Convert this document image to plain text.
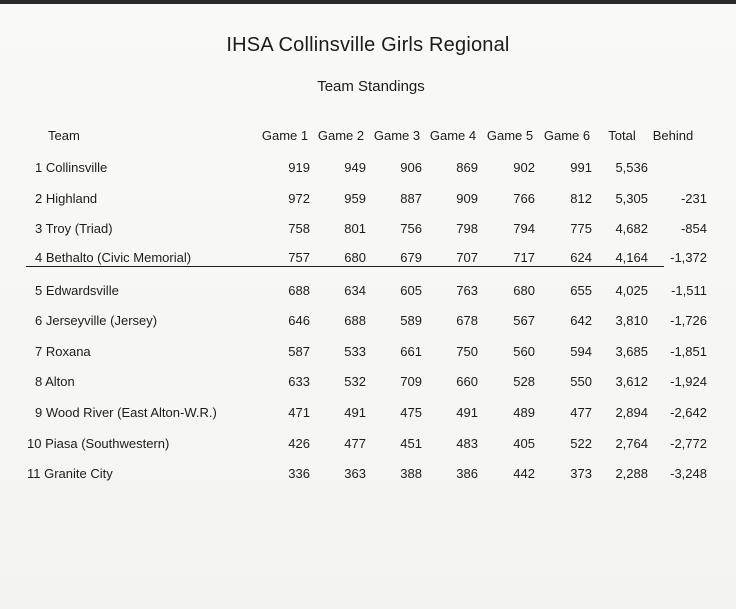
IHSA Collinsville Girls Regional
Team Standings
Team	Game 1 Game 2 Game 3 Game 4 Game 5 Game 6	Total	Behind
1 Collinsville	919	949	906	869	902	991	5,536
2 Highland	972	959	887	909	766	812	5,305	-231
3 Troy (Triad)	758	801	756	798	794	775	4,682	-854
4 Bethalto (Civic Memorial)	757	680	679	707	717	624	4,164	-1,372
5 Edwardsville	688	634	605	763	680	655	4,025	-1,511
6 Jerseyville (Jersey)	646	688	589	678	567	642	3,810	-1,726
7 Roxana	587	533	661	750	560	594	3,685	-1,851
8 Alton	633	532	709	660	528	550	3,612	-1,924
9 Wood River (East Alton-W.R.)	471	491	475	491	489	477	2,894	-2,642
10 Piasa (Southwestern)	426	477	451	483	405	522	2,764	-2,772
11 Granite City	336	363	388	386	442	373	2,288	-3,248
